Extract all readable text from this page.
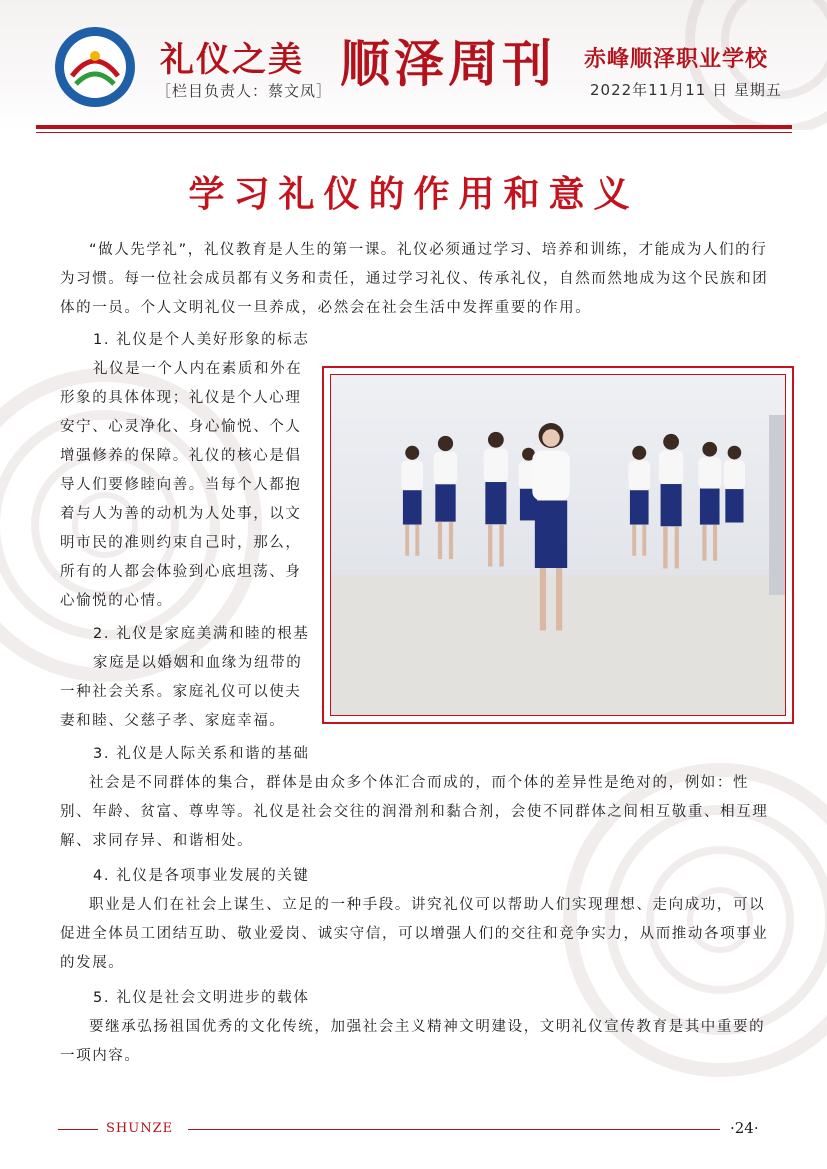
礼仪之美
［栏目负责人：蔡文凤］ 顺泽周刊 赤峰顺泽职业学校
2022年11月11 日 星期五
学习礼仪的作用和意义
“做人先学礼”，礼仪教育是人生的第一课。礼仪必须通过学习、培养和训练，才能成为人们的行为习惯。每一位社会成员都有义务和责任，通过学习礼仪、传承礼仪，自然而然地成为这个民族和团体的一员。个人文明礼仪一旦养成，必然会在社会生活中发挥重要的作用。
1. 礼仪是个人美好形象的标志
礼仪是一个人内在素质和外在
形象的具体体现；礼仪是个人心理
安宁、心灵净化、身心愉悦、个人
增强修养的保障。礼仪的核心是倡
导人们要修睦向善。当每个人都抱
着与人为善的动机为人处事，以文
明市民的准则约束自己时，那么，
所有的人都会体验到心底坦荡、身
心愉悦的心情。
2. 礼仪是家庭美满和睦的根基
家庭是以婚姻和血缘为纽带的
一种社会关系。家庭礼仪可以使夫
妻和睦、父慈子孝、家庭幸福。
3. 礼仪是人际关系和谐的基础
社会是不同群体的集合，群体是由众多个体汇合而成的，而个体的差异性是绝对的，例如：性别、年龄、贫富、尊卑等。礼仪是社会交往的润滑剂和黏合剂，会使不同群体之间相互敬重、相互理解、求同存异、和谐相处。
4. 礼仪是各项事业发展的关键
职业是人们在社会上谋生、立足的一种手段。讲究礼仪可以帮助人们实现理想、走向成功，可以促进全体员工团结互助、敬业爱岗、诚实守信，可以增强人们的交往和竞争实力，从而推动各项事业的发展。
5. 礼仪是社会文明进步的载体
要继承弘扬祖国优秀的文化传统，加强社会主义精神文明建设，文明礼仪宣传教育是其中重要的一项内容。
SHUNZE	·24·
